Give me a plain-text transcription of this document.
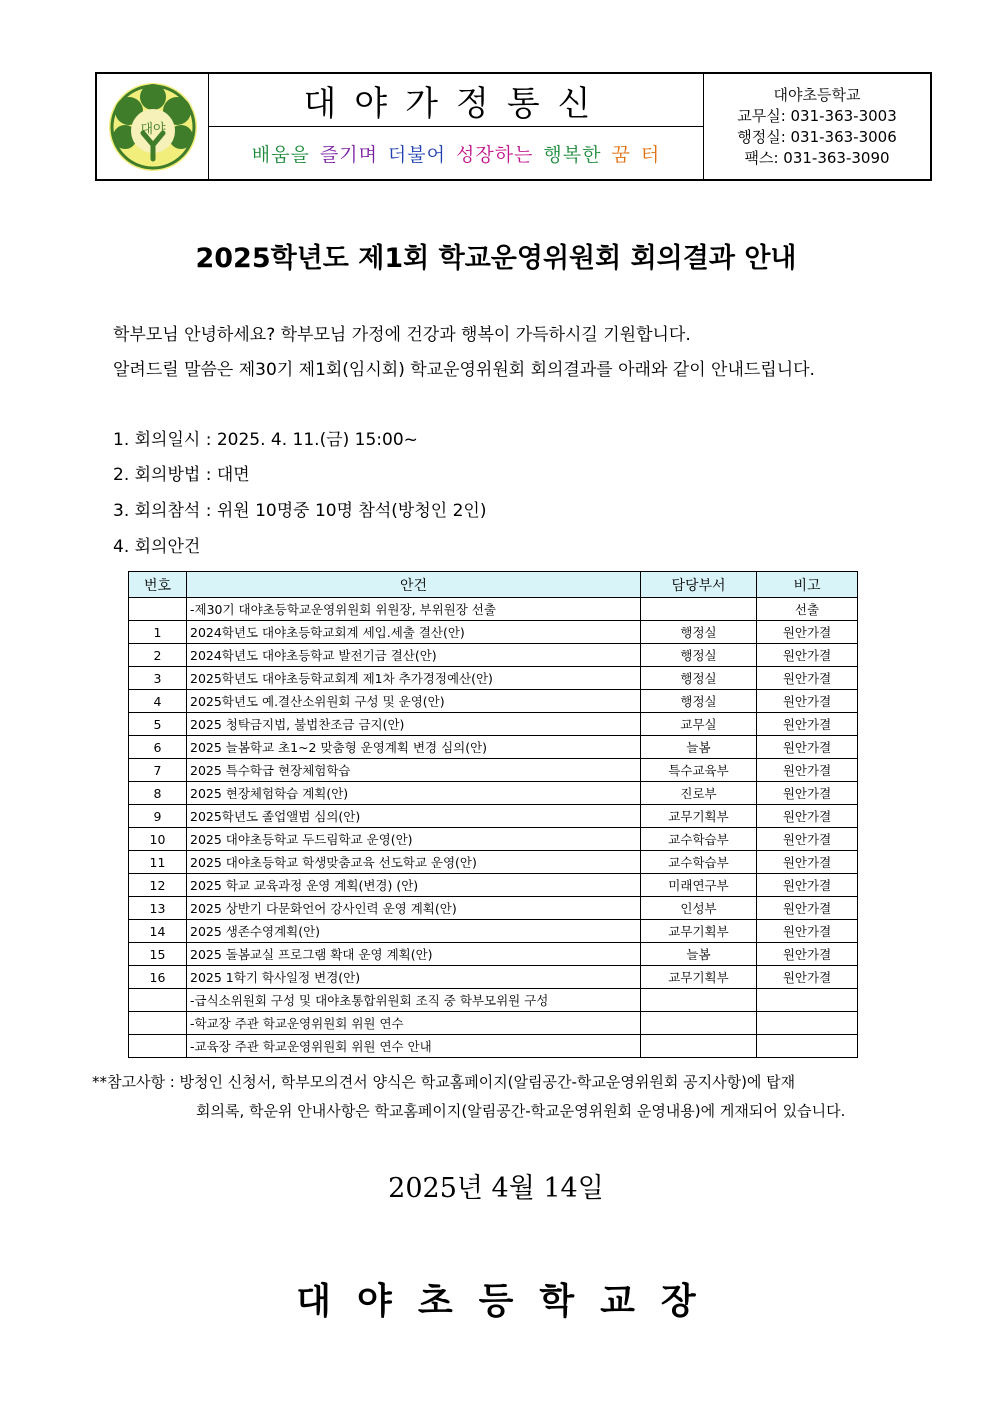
대야
대야가정통신
배움을 즐기며 더불어 성장하는 행복한 꿈 터
대야초등학교
교무실: 031-363-3003
행정실: 031-363-3006
팩스: 031-363-3090
2025학년도 제1회 학교운영위원회 회의결과 안내
학부모님 안녕하세요? 학부모님 가정에 건강과 행복이 가득하시길 기원합니다.
알려드릴 말씀은 제30기 제1회(임시회) 학교운영위원회 회의결과를 아래와 같이 안내드립니다.
1. 회의일시 : 2025. 4. 11.(금) 15:00~
2. 회의방법 : 대면
3. 회의참석 : 위원 10명중 10명 참석(방청인 2인)
4. 회의안건
번호	안건	담당부서	비고
	-제30기 대야초등학교운영위원회 위원장, 부위원장 선출		선출
1	2024학년도 대야초등학교회계 세입.세출 결산(안)	행정실	원안가결
2	2024학년도 대야초등학교 발전기금 결산(안)	행정실	원안가결
3	2025학년도 대야초등학교회계 제1차 추가경정예산(안)	행정실	원안가결
4	2025학년도 예.결산소위원회 구성 및 운영(안)	행정실	원안가결
5	2025 청탁금지법, 불법찬조금 금지(안)	교무실	원안가결
6	2025 늘봄학교 초1~2 맞춤형 운영계획 변경 심의(안)	늘봄	원안가결
7	2025 특수학급 현장체험학습	특수교육부	원안가결
8	2025 현장체험학습 계획(안)	진로부	원안가결
9	2025학년도 졸업앨범 심의(안)	교무기획부	원안가결
10	2025 대야초등학교 두드림학교 운영(안)	교수학습부	원안가결
11	2025 대야초등학교 학생맞춤교육 선도학교 운영(안)	교수학습부	원안가결
12	2025 학교 교육과정 운영 계획(변경) (안)	미래연구부	원안가결
13	2025 상반기 다문화언어 강사인력 운영 계획(안)	인성부	원안가결
14	2025 생존수영계획(안)	교무기획부	원안가결
15	2025 돌봄교실 프로그램 확대 운영 계획(안)	늘봄	원안가결
16	2025 1학기 학사일정 변경(안)	교무기획부	원안가결
	-급식소위원회 구성 및 대야초통합위원회 조직 중 학부모위원 구성		
	-학교장 주관 학교운영위원회 위원 연수		
	-교육장 주관 학교운영위원회 위원 연수 안내		
**참고사항 : 방청인 신청서, 학부모의견서 양식은 학교홈페이지(알림공간-학교운영위원회 공지사항)에 탑재
회의록, 학운위 안내사항은 학교홈페이지(알림공간-학교운영위원회 운영내용)에 게재되어 있습니다.
2025년 4월 14일
대야초등학교장
